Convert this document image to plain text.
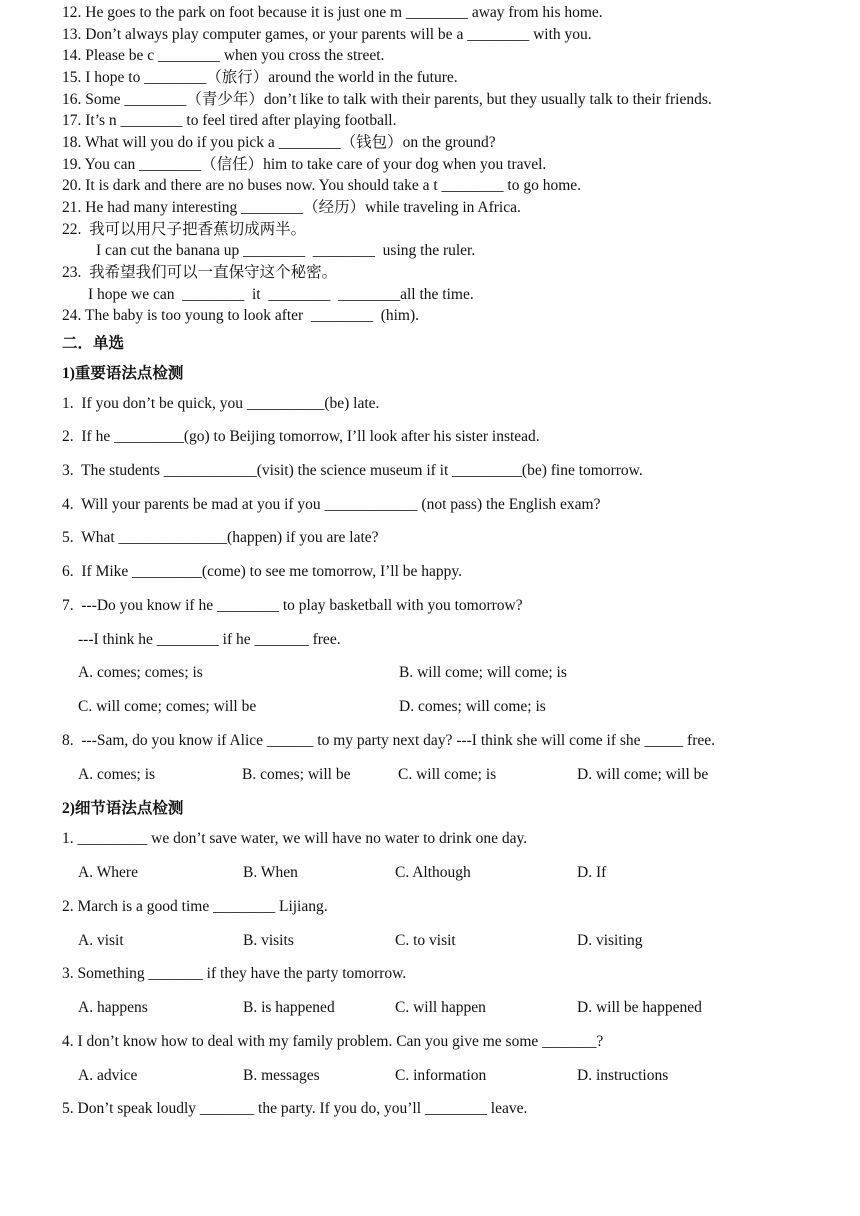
12. He goes to the park on foot because it is just one m ________ away from his home.
13. Don’t always play computer games, or your parents will be a ________ with you.
14. Please be c ________ when you cross the street.
15. I hope to ________（旅行）around the world in the future.
16. Some ________（青少年）don’t like to talk with their parents, but they usually talk to their friends.
17. It’s n ________ to feel tired after playing football.
18. What will you do if you pick a ________（钱包）on the ground?
19. You can ________（信任）him to take care of your dog when you travel.
20. It is dark and there are no buses now. You should take a t ________ to go home.
21. He had many interesting ________（经历）while traveling in Africa.
22.  我可以用尺子把香蕉切成两半。
I can cut the banana up ________  ________  using the ruler.
23.  我希望我们可以一直保守这个秘密。
I hope we can  ________  it  ________  ________all the time.
24. The baby is too young to look after  ________  (him).
二．单选
1)重要语法点检测
1.  If you don’t be quick, you __________(be) late.
2.  If he _________(go) to Beijing tomorrow, I’ll look after his sister instead.
3.  The students ____________(visit) the science museum if it _________(be) fine tomorrow.
4.  Will your parents be mad at you if you ____________ (not pass) the English exam?
5.  What ______________(happen) if you are late?
6.  If Mike _________(come) to see me tomorrow, I’ll be happy.
7.  ---Do you know if he ________ to play basketball with you tomorrow?
---I think he ________ if he _______ free.
A. comes; comes; is	B. will come; will come; is
C. will come; comes; will be	D. comes; will come; is
8.  ---Sam, do you know if Alice ______ to my party next day? ---I think she will come if she _____ free.
A. comes; is	B. comes; will be	C. will come; is	D. will come; will be
2)细节语法点检测
1. _________ we don’t save water, we will have no water to drink one day.
A. Where	B. When	C. Although	D. If
2. March is a good time ________ Lijiang.
A. visit	B. visits	C. to visit	D. visiting
3. Something _______ if they have the party tomorrow.
A. happens	B. is happened	C. will happen	D. will be happened
4. I don’t know how to deal with my family problem. Can you give me some _______?
A. advice	B. messages	C. information	D. instructions
5. Don’t speak loudly _______ the party. If you do, you’ll ________ leave.
